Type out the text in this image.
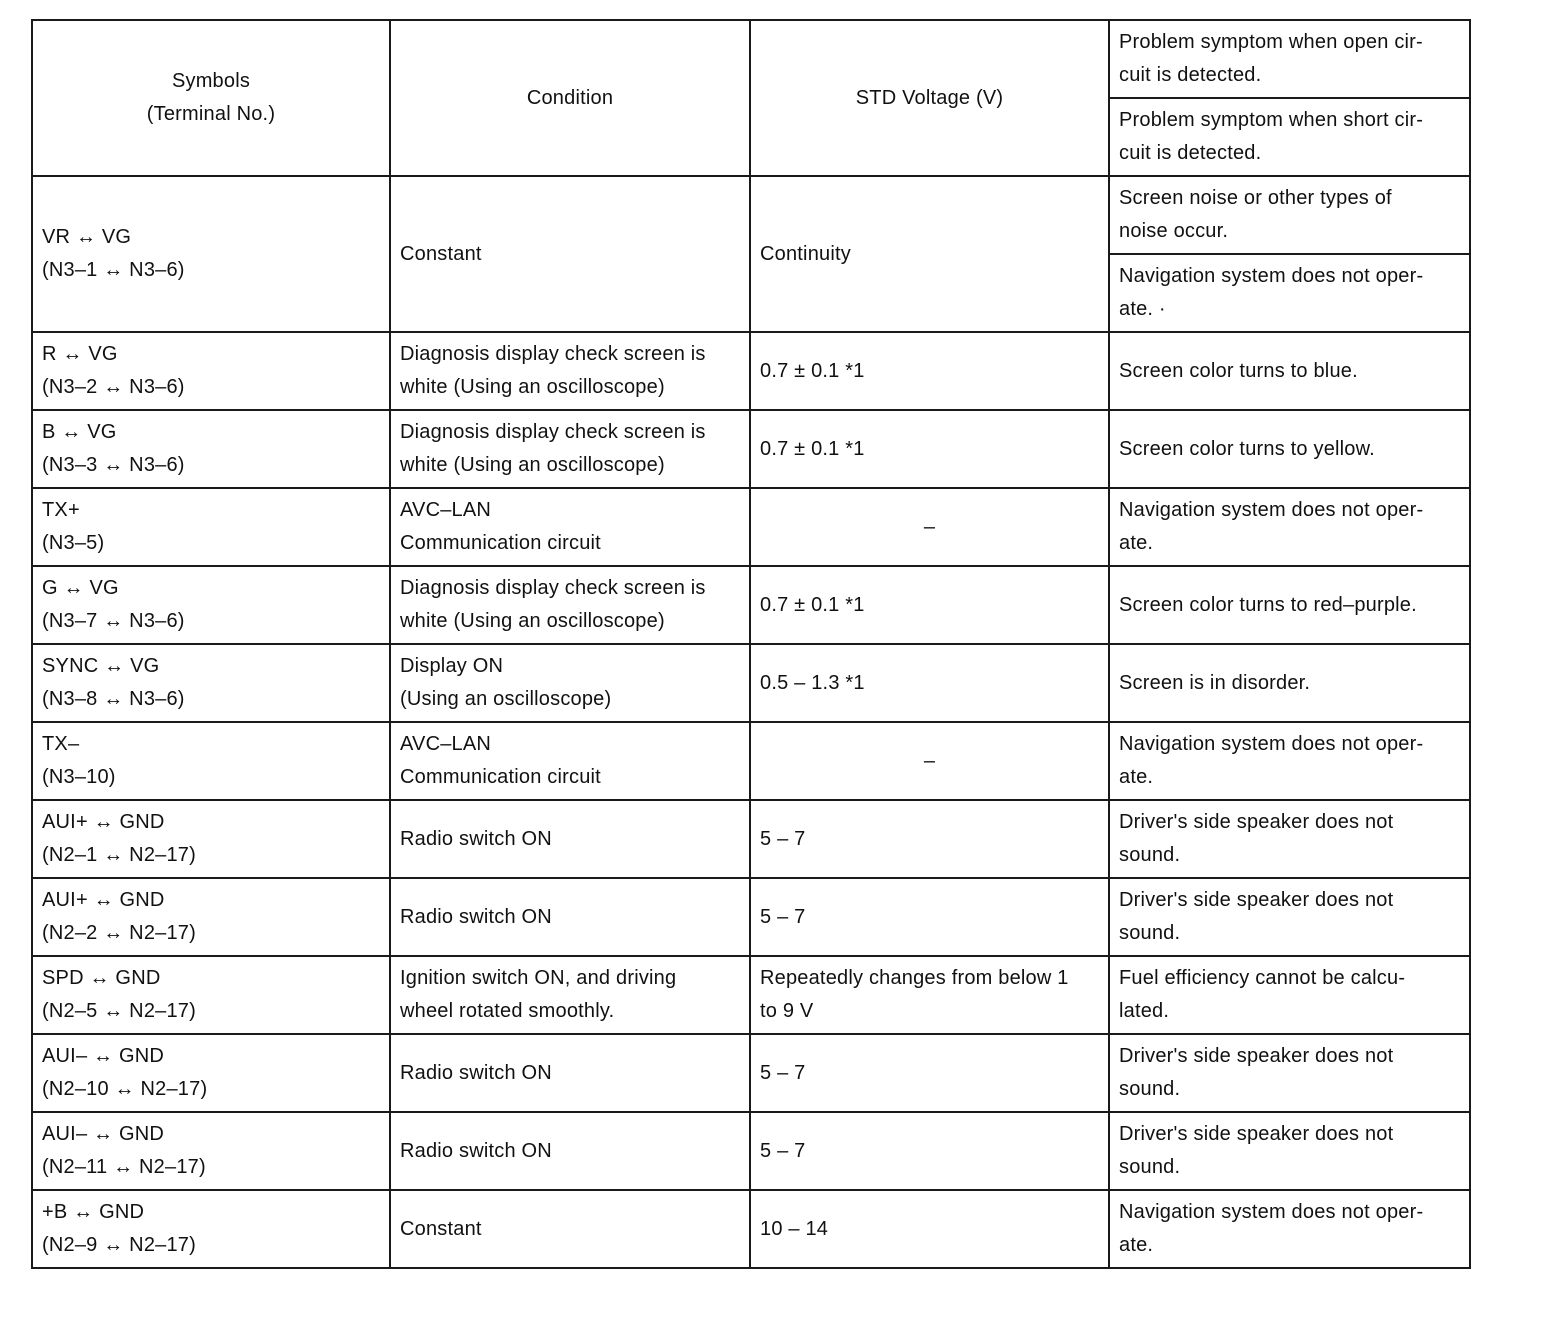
Symbols
(Terminal No.)	Condition	STD Voltage (V)	Problem symptom when open cir-
cuit is detected.

			Problem symptom when short cir-
cuit is detected.

VR ↔ VG
(N3–1 ↔ N3–6)	Constant	Continuity	Screen noise or other types of
noise occur.

			Navigation system does not oper-
ate. ·

R ↔ VG
(N3–2 ↔ N3–6)	Diagnosis display check screen is
white (Using an oscilloscope)	0.7 ± 0.1 *1	Screen color turns to blue.

B ↔ VG
(N3–3 ↔ N3–6)	Diagnosis display check screen is
white (Using an oscilloscope)	0.7 ± 0.1 *1	Screen color turns to yellow.

TX+
(N3–5)	AVC–LAN
Communication circuit	–	Navigation system does not oper-
ate.

G ↔ VG
(N3–7 ↔ N3–6)	Diagnosis display check screen is
white (Using an oscilloscope)	0.7 ± 0.1 *1	Screen color turns to red–purple.

SYNC ↔ VG
(N3–8 ↔ N3–6)	Display ON
(Using an oscilloscope)	0.5 – 1.3 *1	Screen is in disorder.

TX–
(N3–10)	AVC–LAN
Communication circuit	–	Navigation system does not oper-
ate.

AUI+ ↔ GND
(N2–1 ↔ N2–17)	Radio switch ON	5 – 7	Driver's side speaker does not
sound.

AUI+ ↔ GND
(N2–2 ↔ N2–17)	Radio switch ON	5 – 7	Driver's side speaker does not
sound.

SPD ↔ GND
(N2–5 ↔ N2–17)	Ignition switch ON, and driving
wheel rotated smoothly.	Repeatedly changes from below 1
to 9 V	Fuel efficiency cannot be calcu-
lated.

AUI– ↔ GND
(N2–10 ↔ N2–17)	Radio switch ON	5 – 7	Driver's side speaker does not
sound.

AUI– ↔ GND
(N2–11 ↔ N2–17)	Radio switch ON	5 – 7	Driver's side speaker does not
sound.

+B ↔ GND
(N2–9 ↔ N2–17)	Constant	10 – 14	Navigation system does not oper-
ate.
